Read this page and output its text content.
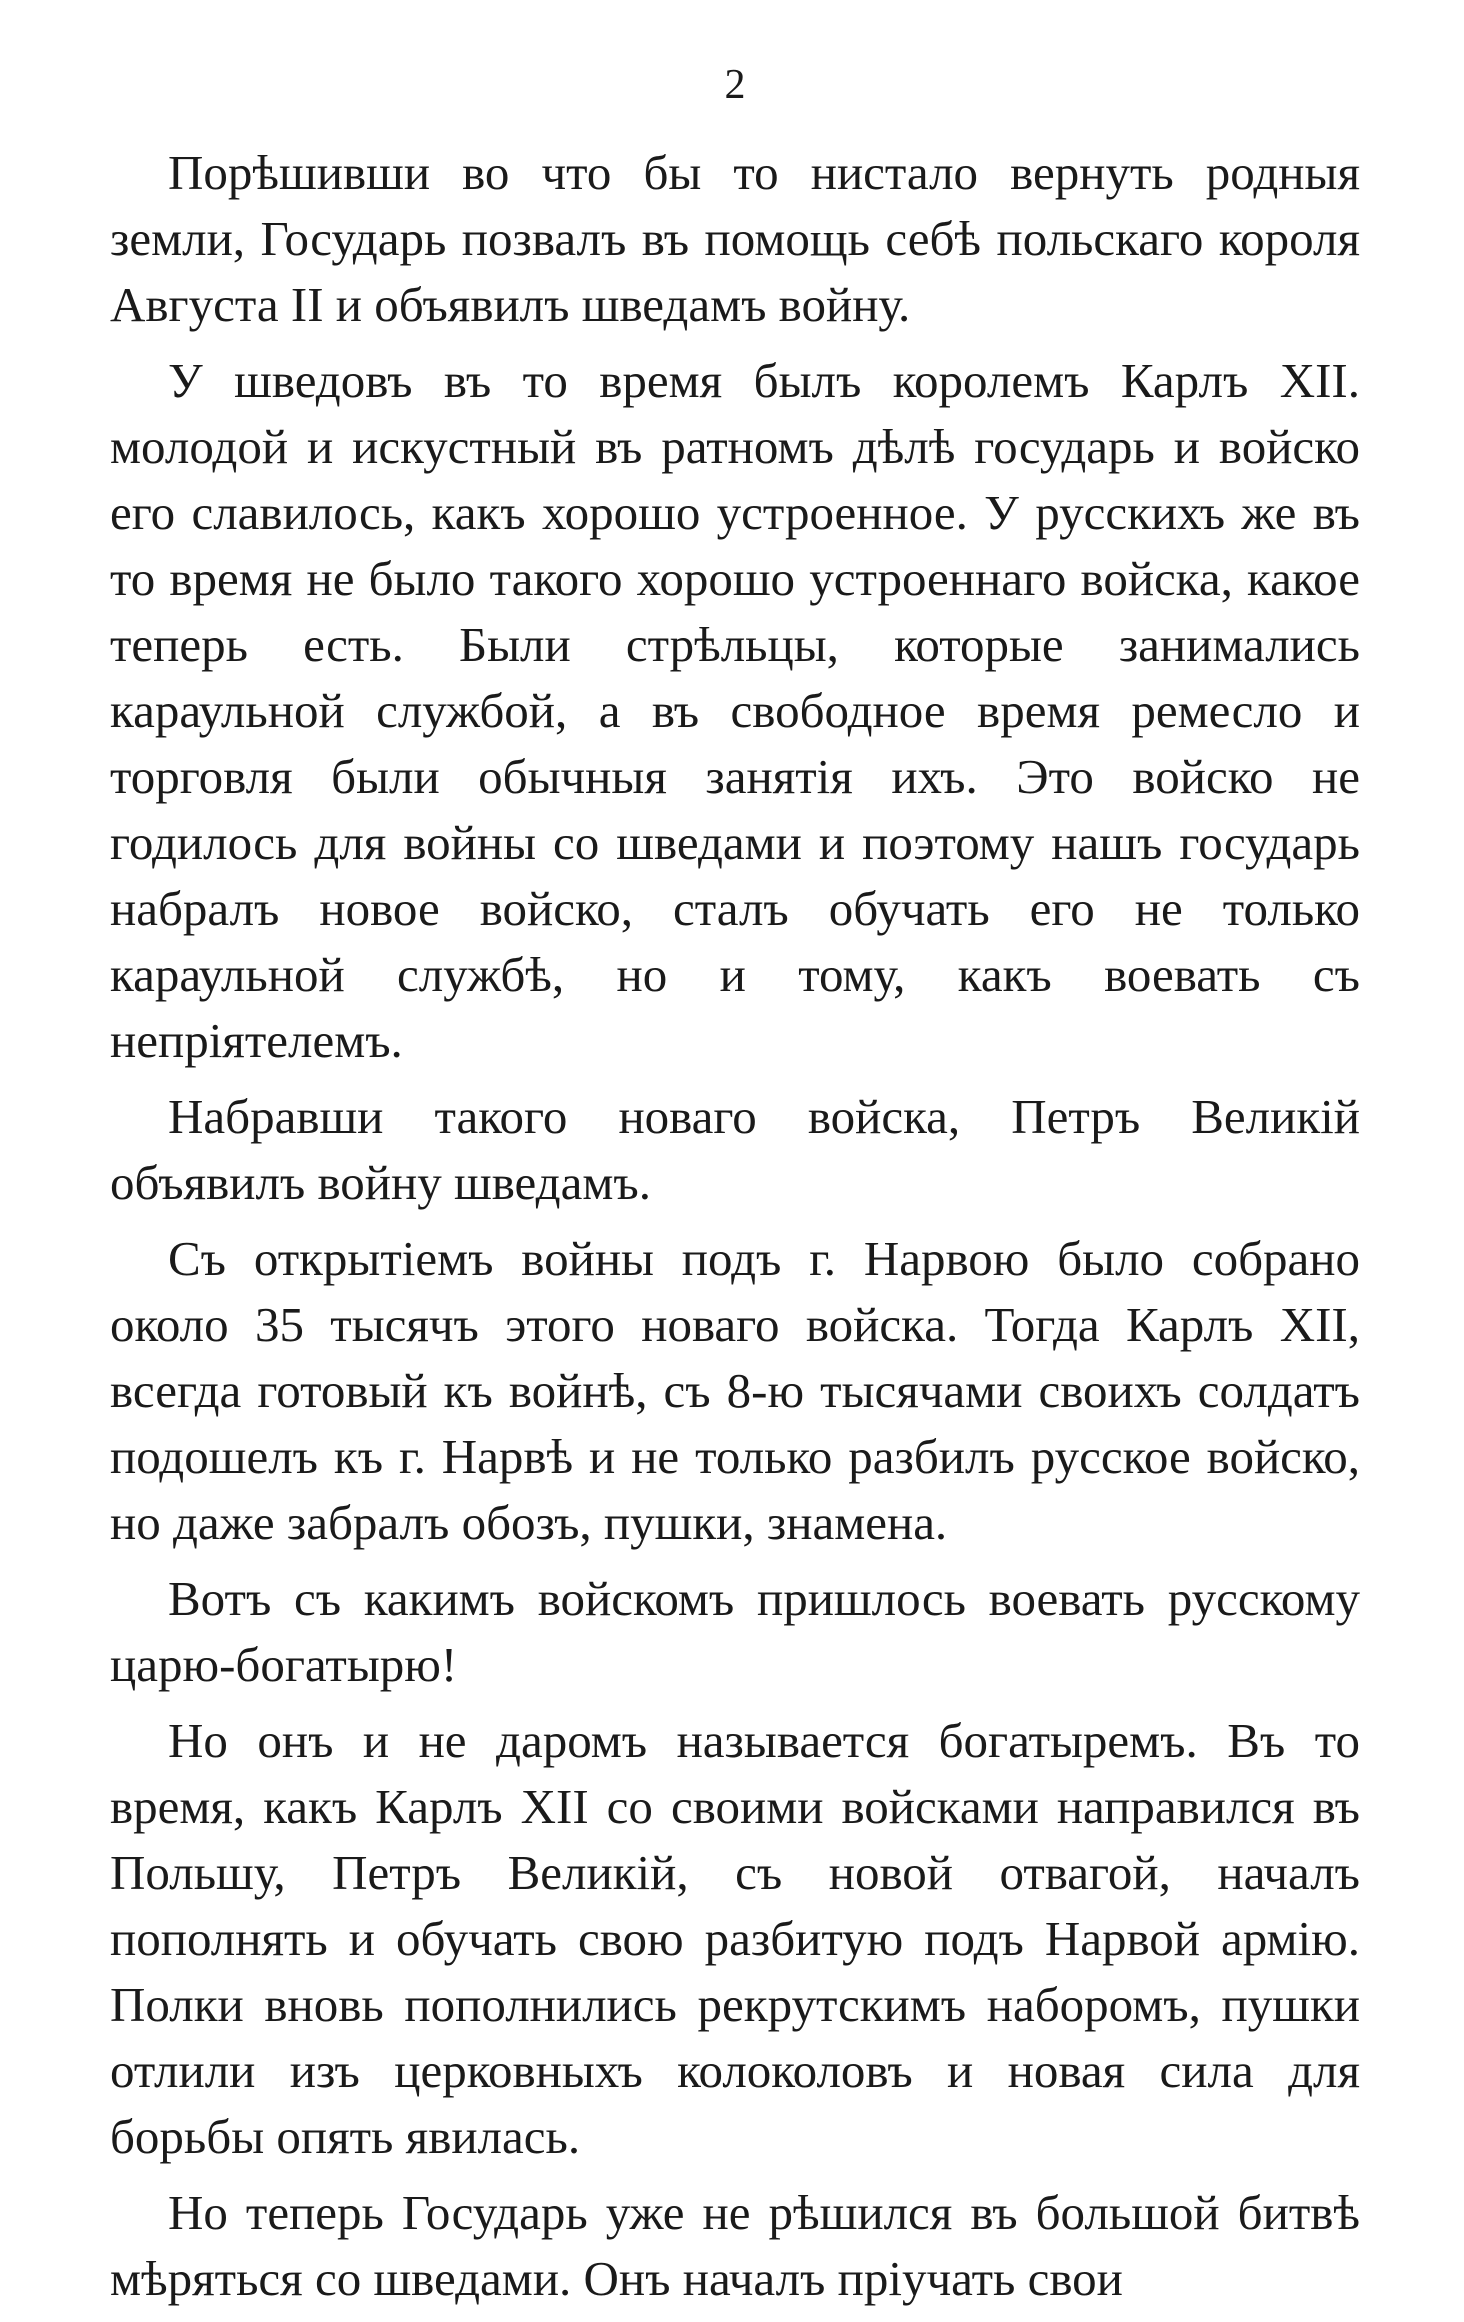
2

Порѣшивши во что бы то нистало вернуть родныя земли, Государь позвалъ въ помощь себѣ польскаго короля Августа II и объявилъ шведамъ войну.

У шведовъ въ то время былъ королемъ Карлъ XII. молодой и искустный въ ратномъ дѣлѣ государь и войско его славилось, какъ хорошо устроенное. У русскихъ же въ то время не было такого хорошо устроеннаго войска, какое теперь есть. Были стрѣльцы, которые занимались караульной службой, а въ свободное время ремесло и торговля были обычныя занятія ихъ. Это войско не годилось для войны со шведами и поэтому нашъ государь набралъ новое войско, сталъ обучать его не только караульной службѣ, но и тому, какъ воевать съ непріятелемъ.

Набравши такого новаго войска, Петръ Великій объявилъ войну шведамъ.

Съ открытіемъ войны подъ г. Нарвою было собрано около 35 тысячъ этого новаго войска. Тогда Карлъ XII, всегда готовый къ войнѣ, съ 8-ю тысячами своихъ солдатъ подошелъ къ г. Нарвѣ и не только разбилъ русское войско, но даже забралъ обозъ, пушки, знамена.

Вотъ съ какимъ войскомъ пришлось воевать русскому царю-богатырю!

Но онъ и не даромъ называется богатыремъ. Въ то время, какъ Карлъ XII со своими войсками направился въ Польшу, Петръ Великій, съ новой отвагой, началъ пополнять и обучать свою разбитую подъ Нарвой армію. Полки вновь пополнились рекрутскимъ наборомъ, пушки отлили изъ церковныхъ колоколовъ и новая сила для борьбы опять явилась.

Но теперь Государь уже не рѣшился въ большой битвѣ мѣряться со шведами. Онъ началъ пріучать свои
